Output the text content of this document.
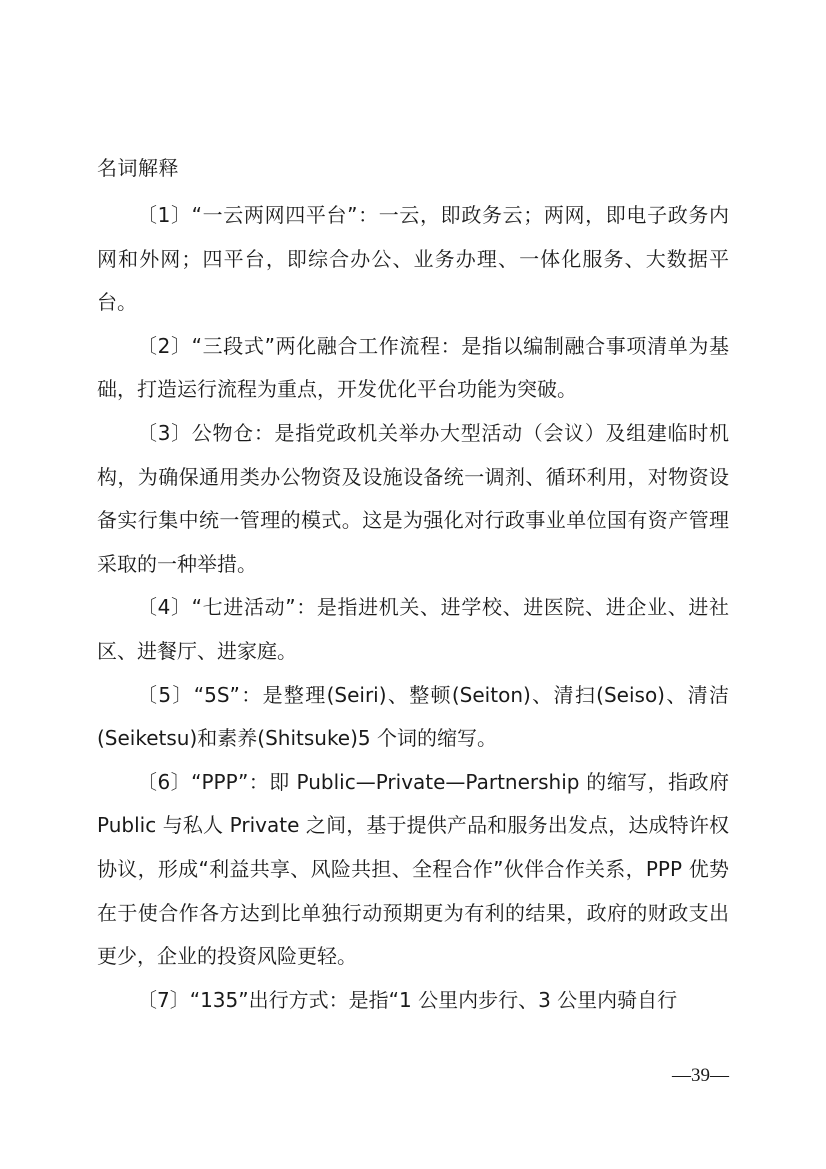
名词解释

〔1〕“一云两网四平台”：一云，即政务云；两网，即电子政务内网和外网；四平台，即综合办公、业务办理、一体化服务、大数据平台。

〔2〕“三段式”两化融合工作流程：是指以编制融合事项清单为基础，打造运行流程为重点，开发优化平台功能为突破。

〔3〕公物仓：是指党政机关举办大型活动（会议）及组建临时机构，为确保通用类办公物资及设施设备统一调剂、循环利用，对物资设备实行集中统一管理的模式。这是为强化对行政事业单位国有资产管理采取的一种举措。

〔4〕“七进活动”：是指进机关、进学校、进医院、进企业、进社区、进餐厅、进家庭。

〔5〕“5S”：是整理(Seiri)、整顿(Seiton)、清扫(Seiso)、清洁(Seiketsu)和素养(Shitsuke)5 个词的缩写。

〔6〕“PPP”：即 Public—Private—Partnership 的缩写，指政府Public 与私人 Private 之间，基于提供产品和服务出发点，达成特许权协议，形成“利益共享、风险共担、全程合作”伙伴合作关系，PPP 优势在于使合作各方达到比单独行动预期更为有利的结果，政府的财政支出更少，企业的投资风险更轻。

〔7〕“135”出行方式：是指“1 公里内步行、3 公里内骑自行

—39—
